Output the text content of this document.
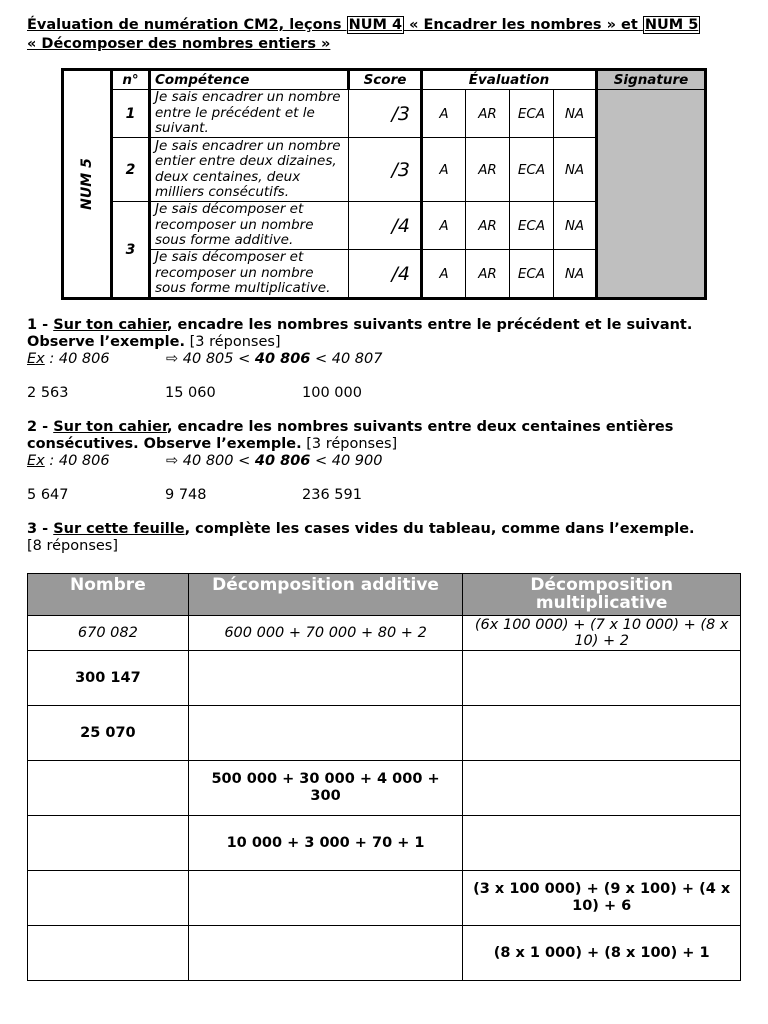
Évaluation de numération CM2, leçons NUM 4 « Encadrer les nombres » et NUM 5
« Décomposer des nombres entiers »
NUM 5	n°	Compétence	Score	Évaluation				Signature
	1	Je sais encadrer un nombre entre le précédent et le suivant.	/3	A	AR	ECA	NA	
	2	Je sais encadrer un nombre entier entre deux dizaines, deux centaines, deux milliers consécutifs.	/3	A	AR	ECA	NA	
	3	Je sais décomposer et recomposer un nombre sous forme additive.	/4	A	AR	ECA	NA	
		Je sais décomposer et recomposer un nombre sous forme multiplicative.	/4	A	AR	ECA	NA	
1 - Sur ton cahier, encadre les nombres suivants entre le précédent et le suivant. Observe l’exemple. [3 réponses]
Ex : 40 806	⇨ 40 805 < 40 806 < 40 807
2 563	15 060	100 000
2 - Sur ton cahier, encadre les nombres suivants entre deux centaines entières consécutives. Observe l’exemple. [3 réponses]
Ex : 40 806	⇨ 40 800 < 40 806 < 40 900
5 647	9 748	236 591
3 - Sur cette feuille, complète les cases vides du tableau, comme dans l’exemple.
[8 réponses]
Nombre	Décomposition additive	Décomposition multiplicative
670 082	600 000 + 70 000 + 80 + 2	(6x 100 000) + (7 x 10 000) + (8 x 10) + 2
300 147		
25 070		
	500 000 + 30 000 + 4 000 + 300	
	10 000 + 3 000 + 70 + 1	
		(3 x 100 000) + (9 x 100) + (4 x 10) + 6
		(8 x 1 000) + (8 x 100) + 1
